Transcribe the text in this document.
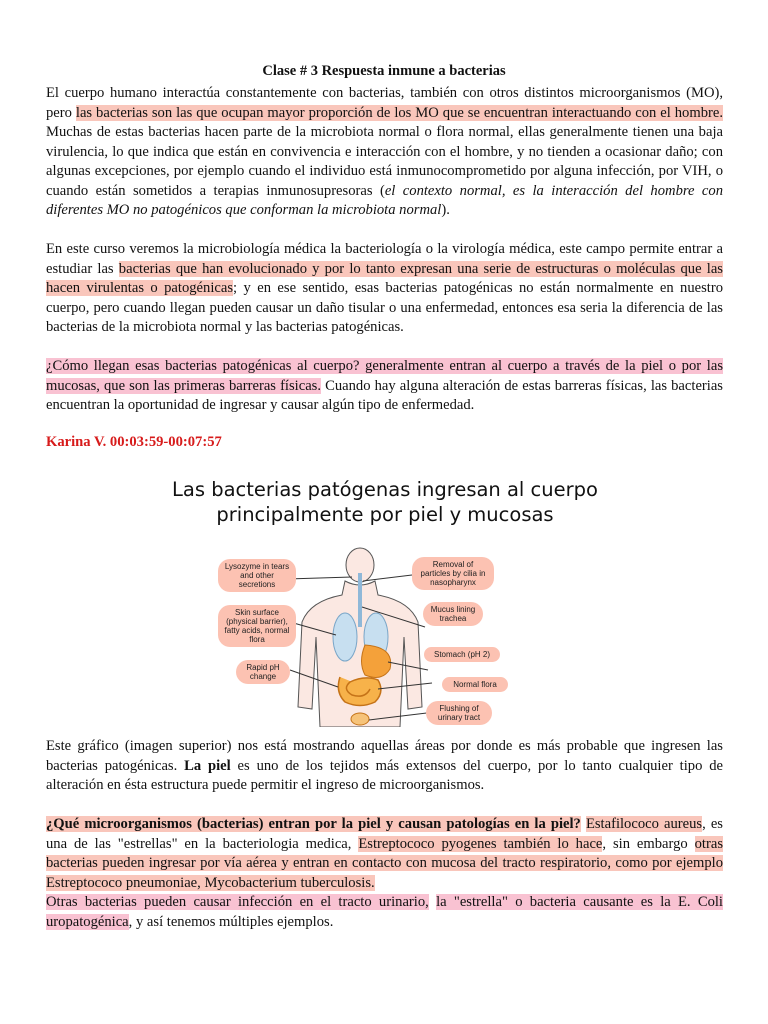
Clase # 3 Respuesta inmune a bacterias

El cuerpo humano interactúa constantemente con bacterias, también con otros distintos microorganismos (MO), pero las bacterias son las que ocupan mayor proporción de los MO que se encuentran interactuando con el hombre. Muchas de estas bacterias hacen parte de la microbiota normal o flora normal, ellas generalmente tienen una baja virulencia, lo que indica que están en convivencia e interacción con el hombre, y no tienden a ocasionar daño; con algunas excepciones, por ejemplo cuando el individuo está inmunocomprometido por alguna infección, por VIH, o cuando están sometidos a terapias inmunosupresoras (el contexto normal, es la interacción del hombre con diferentes MO no patogénicos que conforman la microbiota normal).

En este curso veremos la microbiología médica la bacteriología o la virología médica, este campo permite entrar a estudiar las bacterias que han evolucionado y por lo tanto expresan una serie de estructuras o moléculas que las hacen virulentas o patogénicas; y en ese sentido, esas bacterias patogénicas no están normalmente en nuestro cuerpo, pero cuando llegan pueden causar un daño tisular o una enfermedad, entonces esa seria la diferencia de las bacterias de la microbiota normal y las bacterias patogénicas.

¿Cómo llegan esas bacterias patogénicas al cuerpo? generalmente entran al cuerpo a través de la piel o por las mucosas, que son las primeras barreras físicas. Cuando hay alguna alteración de estas barreras físicas, las bacterias encuentran la oportunidad de ingresar y causar algún tipo de enfermedad.

Karina V. 00:03:59-00:07:57
Las bacterias patógenas ingresan al cuerpo
principalmente por piel y mucosas
Lysozyme in tears and other secretions
Skin surface (physical barrier), fatty acids, normal flora
Rapid pH change
Removal of particles by cilia in nasopharynx
Mucus lining trachea
Stomach (pH 2)
Normal flora
Flushing of urinary tract

Este gráfico (imagen superior) nos está mostrando aquellas áreas por donde es más probable que ingresen las bacterias patogénicas. La piel es uno de los tejidos más extensos del cuerpo, por lo tanto cualquier tipo de alteración en ésta estructura puede permitir el ingreso de microorganismos.

¿Qué microorganismos (bacterias) entran por la piel y causan patologías en la piel? Estafilococo aureus, es una de las "estrellas" en la bacteriologia medica, Estreptococo pyogenes también lo hace, sin embargo otras bacterias pueden ingresar por vía aérea y entran en contacto con mucosa del tracto respiratorio, como por ejemplo Estreptococo pneumoniae, Mycobacterium tuberculosis.
Otras bacterias pueden causar infección en el tracto urinario, la "estrella" o bacteria causante es la E. Coli uropatogénica, y así tenemos múltiples ejemplos.
